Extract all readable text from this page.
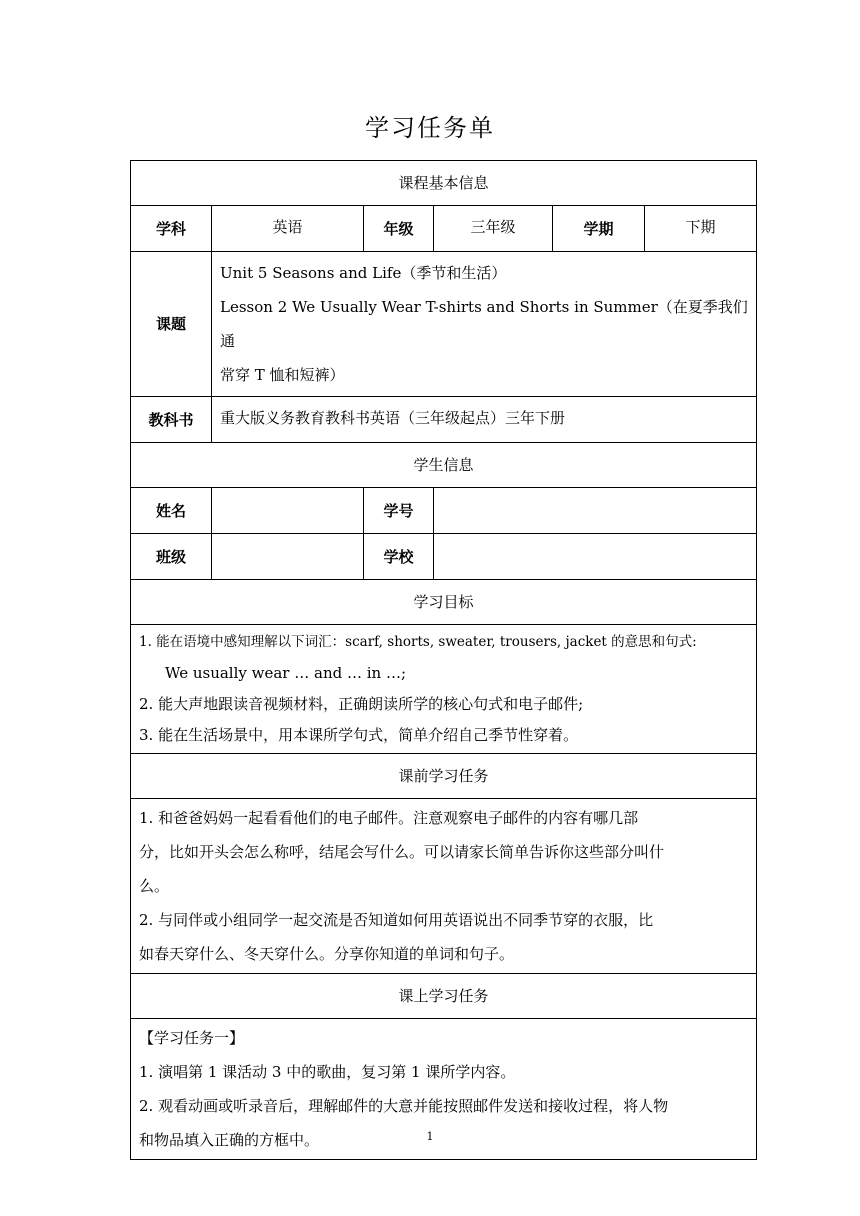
学习任务单
课程基本信息					
学科	英语	年级	三年级	学期	下期
课题	Unit 5 Seasons and Life（季节和生活）
Lesson 2 We Usually Wear T-shirts and Shorts in Summer（在夏季我们通
常穿 T 恤和短裤）				

教科书	重大版义务教育教科书英语（三年级起点）三年下册				
学生信息					
姓名		学号			
班级		学校			
学习目标					

1. 能在语境中感知理解以下词汇：scarf, shorts, sweater, trousers, jacket 的意思和句式:
We usually wear … and … in …;
2. 能大声地跟读音视频材料，正确朗读所学的核心句式和电子邮件;
3. 能在生活场景中，用本课所学句式，简单介绍自己季节性穿着。					

课前学习任务					

1. 和爸爸妈妈一起看看他们的电子邮件。注意观察电子邮件的内容有哪几部
分，比如开头会怎么称呼，结尾会写什么。可以请家长简单告诉你这些部分叫什
么。
2. 与同伴或小组同学一起交流是否知道如何用英语说出不同季节穿的衣服，比
如春天穿什么、冬天穿什么。分享你知道的单词和句子。					

课上学习任务					

【学习任务一】
1. 演唱第 1 课活动 3 中的歌曲，复习第 1 课所学内容。
2. 观看动画或听录音后，理解邮件的大意并能按照邮件发送和接收过程，将人物
和物品填入正确的方框中。						1
